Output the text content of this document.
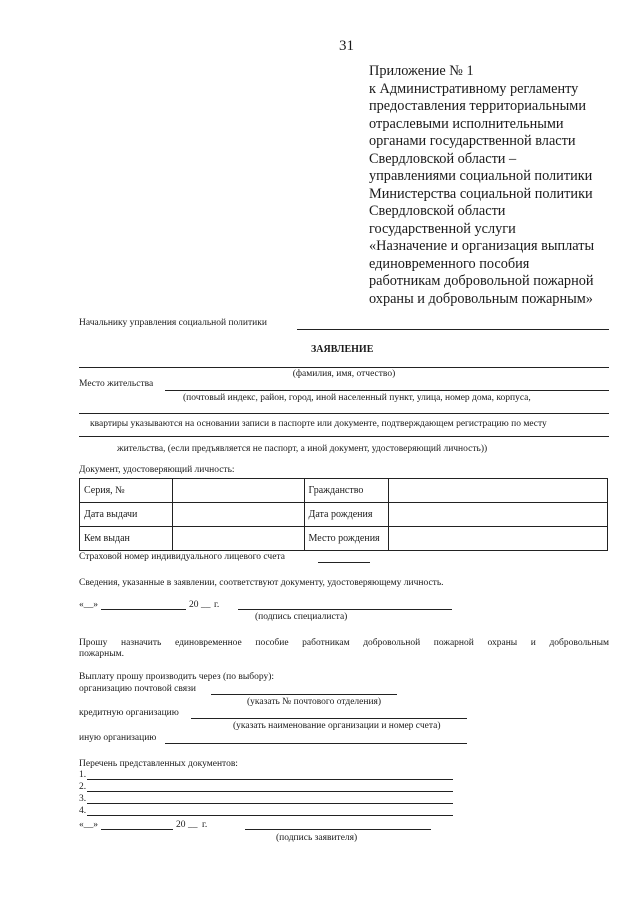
31
Приложение № 1
к Административному регламенту
предоставления территориальными
отраслевыми исполнительными
органами государственной власти
Свердловской области –
управлениями социальной политики
Министерства социальной политики
Свердловской области
государственной услуги
«Назначение и организация выплаты
единовременного пособия
работникам добровольной пожарной
охраны и добровольным пожарным»
Начальнику управления социальной политики
ЗАЯВЛЕНИЕ
(фамилия, имя, отчество)
Место жительства
(почтовый индекс, район, город, иной населенный пункт, улица, номер дома, корпуса,
квартиры указываются на основании записи в паспорте или документе, подтверждающем регистрацию по месту
жительства, (если предъявляется не паспорт, а иной документ, удостоверяющий личность))
Документ, удостоверяющий личность:
Серия, №		Гражданство	
Дата выдачи		Дата рождения	
Кем выдан		Место рождения	
Страховой номер индивидуального лицевого счета
Сведения, указанные в заявлении, соответствуют документу, удостоверяющему личность.
«__»	20 __ г.
(подпись специалиста)
Прошу назначить единовременное пособие работникам добровольной пожарной охраны и добровольным
пожарным.
Выплату прошу производить через (по выбору):
организацию почтовой связи
(указать № почтового отделения)
кредитную организацию
(указать наименование организации и номер счета)
иную организацию
Перечень представленных документов:
1.
2.
3.
4.
«__»	20 __ г.
(подпись заявителя)
